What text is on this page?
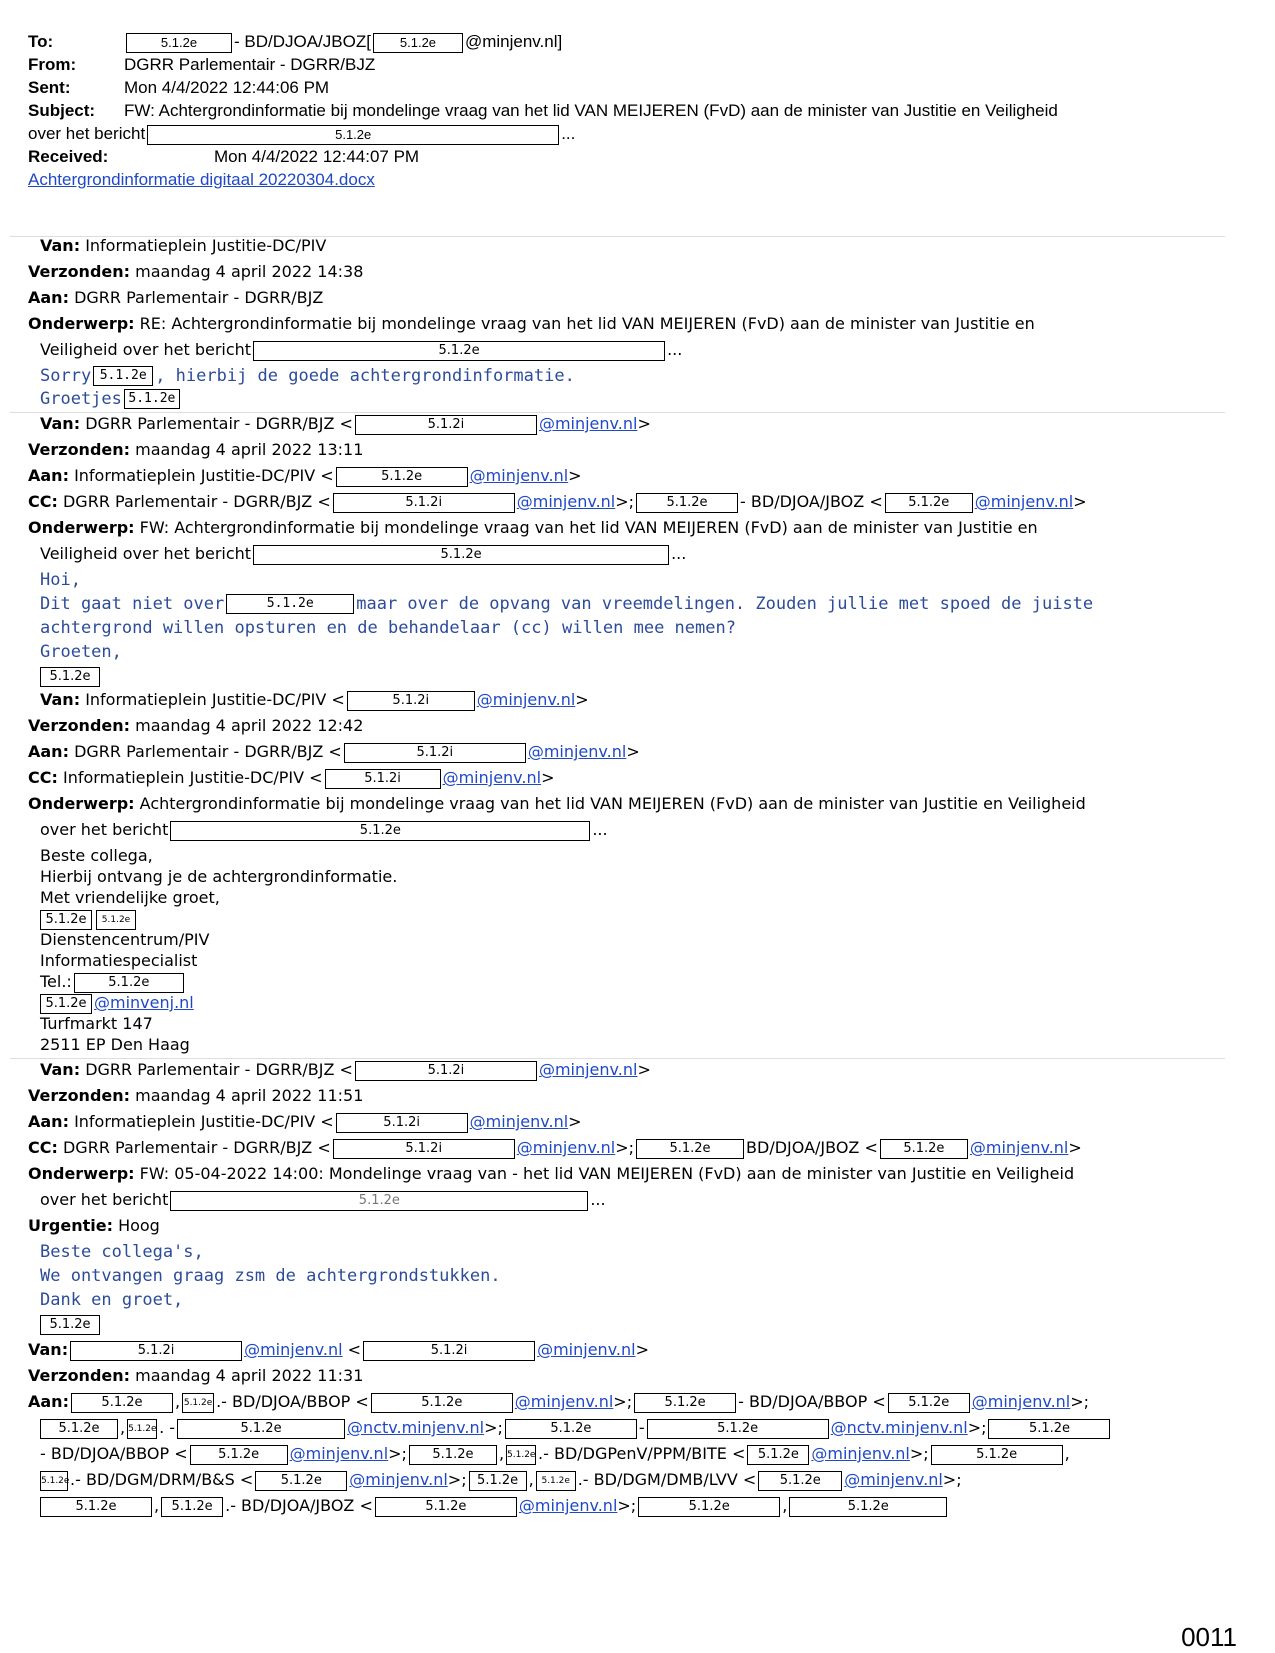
To:	5.1.2e - BD/DJOA/JBOZ[ 5.1.2e @minjenv.nl]
From:	DGRR Parlementair - DGRR/BJZ
Sent:	Mon 4/4/2022 12:44:06 PM
Subject: FW: Achtergrondinformatie bij mondelinge vraag van het lid VAN MEIJEREN (FvD) aan de minister van Justitie en Veiligheid
over het bericht	5.1.2e	...
Received:	Mon 4/4/2022 12:44:07 PM
Achtergrondinformatie digitaal 20220304.docx
Van: Informatieplein Justitie-DC/PIV
Verzonden: maandag 4 april 2022 14:38
Aan: DGRR Parlementair - DGRR/BJZ
Onderwerp: RE: Achtergrondinformatie bij mondelinge vraag van het lid VAN MEIJEREN (FvD) aan de minister van Justitie en
Veiligheid over het bericht	5.1.2e	...
Sorry 5.1.2e , hierbij de goede achtergrondinformatie.
Groetjes 5.1.2e
Van: DGRR Parlementair - DGRR/BJZ <	5.1.2i	@minjenv.nl>
Verzonden: maandag 4 april 2022 13:11
Aan: Informatieplein Justitie-DC/PIV <	5.1.2e	@minjenv.nl>
CC: DGRR Parlementair - DGRR/BJZ <	5.1.2i	@minjenv.nl>; 5.1.2e - BD/DJOA/JBOZ < 5.1.2e @minjenv.nl>
Onderwerp: FW: Achtergrondinformatie bij mondelinge vraag van het lid VAN MEIJEREN (FvD) aan de minister van Justitie en
Veiligheid over het bericht	5.1.2e	...
Hoi,
Dit gaat niet over	5.1.2e	maar over de opvang van vreemdelingen. Zouden jullie met spoed de juiste
achtergrond willen opsturen en de behandelaar (cc) willen mee nemen?
Groeten,
5.1.2e
Van: Informatieplein Justitie-DC/PIV <	5.1.2i	@minjenv.nl>
Verzonden: maandag 4 april 2022 12:42
Aan: DGRR Parlementair - DGRR/BJZ <	5.1.2i	@minjenv.nl>
CC: Informatieplein Justitie-DC/PIV <	5.1.2i	@minjenv.nl>
Onderwerp: Achtergrondinformatie bij mondelinge vraag van het lid VAN MEIJEREN (FvD) aan de minister van Justitie en Veiligheid
over het bericht	5.1.2e	...
Beste collega,
Hierbij ontvang je de achtergrondinformatie.
Met vriendelijke groet,
5.1.2e 5.1.2e
Dienstencentrum/PIV
Informatiespecialist
Tel.:	5.1.2e
5.1.2e @minvenj.nl
Turfmarkt 147
2511 EP Den Haag
Van: DGRR Parlementair - DGRR/BJZ <	5.1.2i	@minjenv.nl>
Verzonden: maandag 4 april 2022 11:51
Aan: Informatieplein Justitie-DC/PIV <	5.1.2i	@minjenv.nl>
CC: DGRR Parlementair - DGRR/BJZ <	5.1.2i	@minjenv.nl>;	5.1.2e BD/DJOA/JBOZ < 5.1.2e @minjenv.nl>
Onderwerp: FW: 05-04-2022 14:00: Mondelinge vraag van - het lid VAN MEIJEREN (FvD) aan de minister van Justitie en Veiligheid
over het bericht	5.1.2e	...
Urgentie: Hoog
Beste collega's,
We ontvangen graag zsm de achtergrondstukken.
Dank en groet,
5.1.2e
Van:	5.1.2i	@minjenv.nl <	5.1.2i	@minjenv.nl>
Verzonden: maandag 4 april 2022 11:31
Aan: 5.1.2e , 5.1.2e .- BD/DJOA/BBOP <	5.1.2e	@minjenv.nl>; 5.1.2e - BD/DJOA/BBOP < 5.1.2e @minjenv.nl>;
5.1.2e , 5.1.2e . -	5.1.2e	@nctv.minjenv.nl>;	5.1.2e	-	5.1.2e	@nctv.minjenv.nl>;	5.1.2e
- BD/DJOA/BBOP < 5.1.2e @minjenv.nl>; 5.1.2e , 5.1.2e .- BD/DGPenV/PPM/BITE < 5.1.2e @minjenv.nl>;	5.1.2e	,
5.1.2e.- BD/DGM/DRM/B&S < 5.1.2e @minjenv.nl>; 5.1.2e , 5.1.2e .- BD/DGM/DMB/LVV < 5.1.2e @minjenv.nl>;
5.1.2e , 5.1.2e .- BD/DJOA/JBOZ <	5.1.2e	@minjenv.nl>;	5.1.2e	,	5.1.2e
0011
